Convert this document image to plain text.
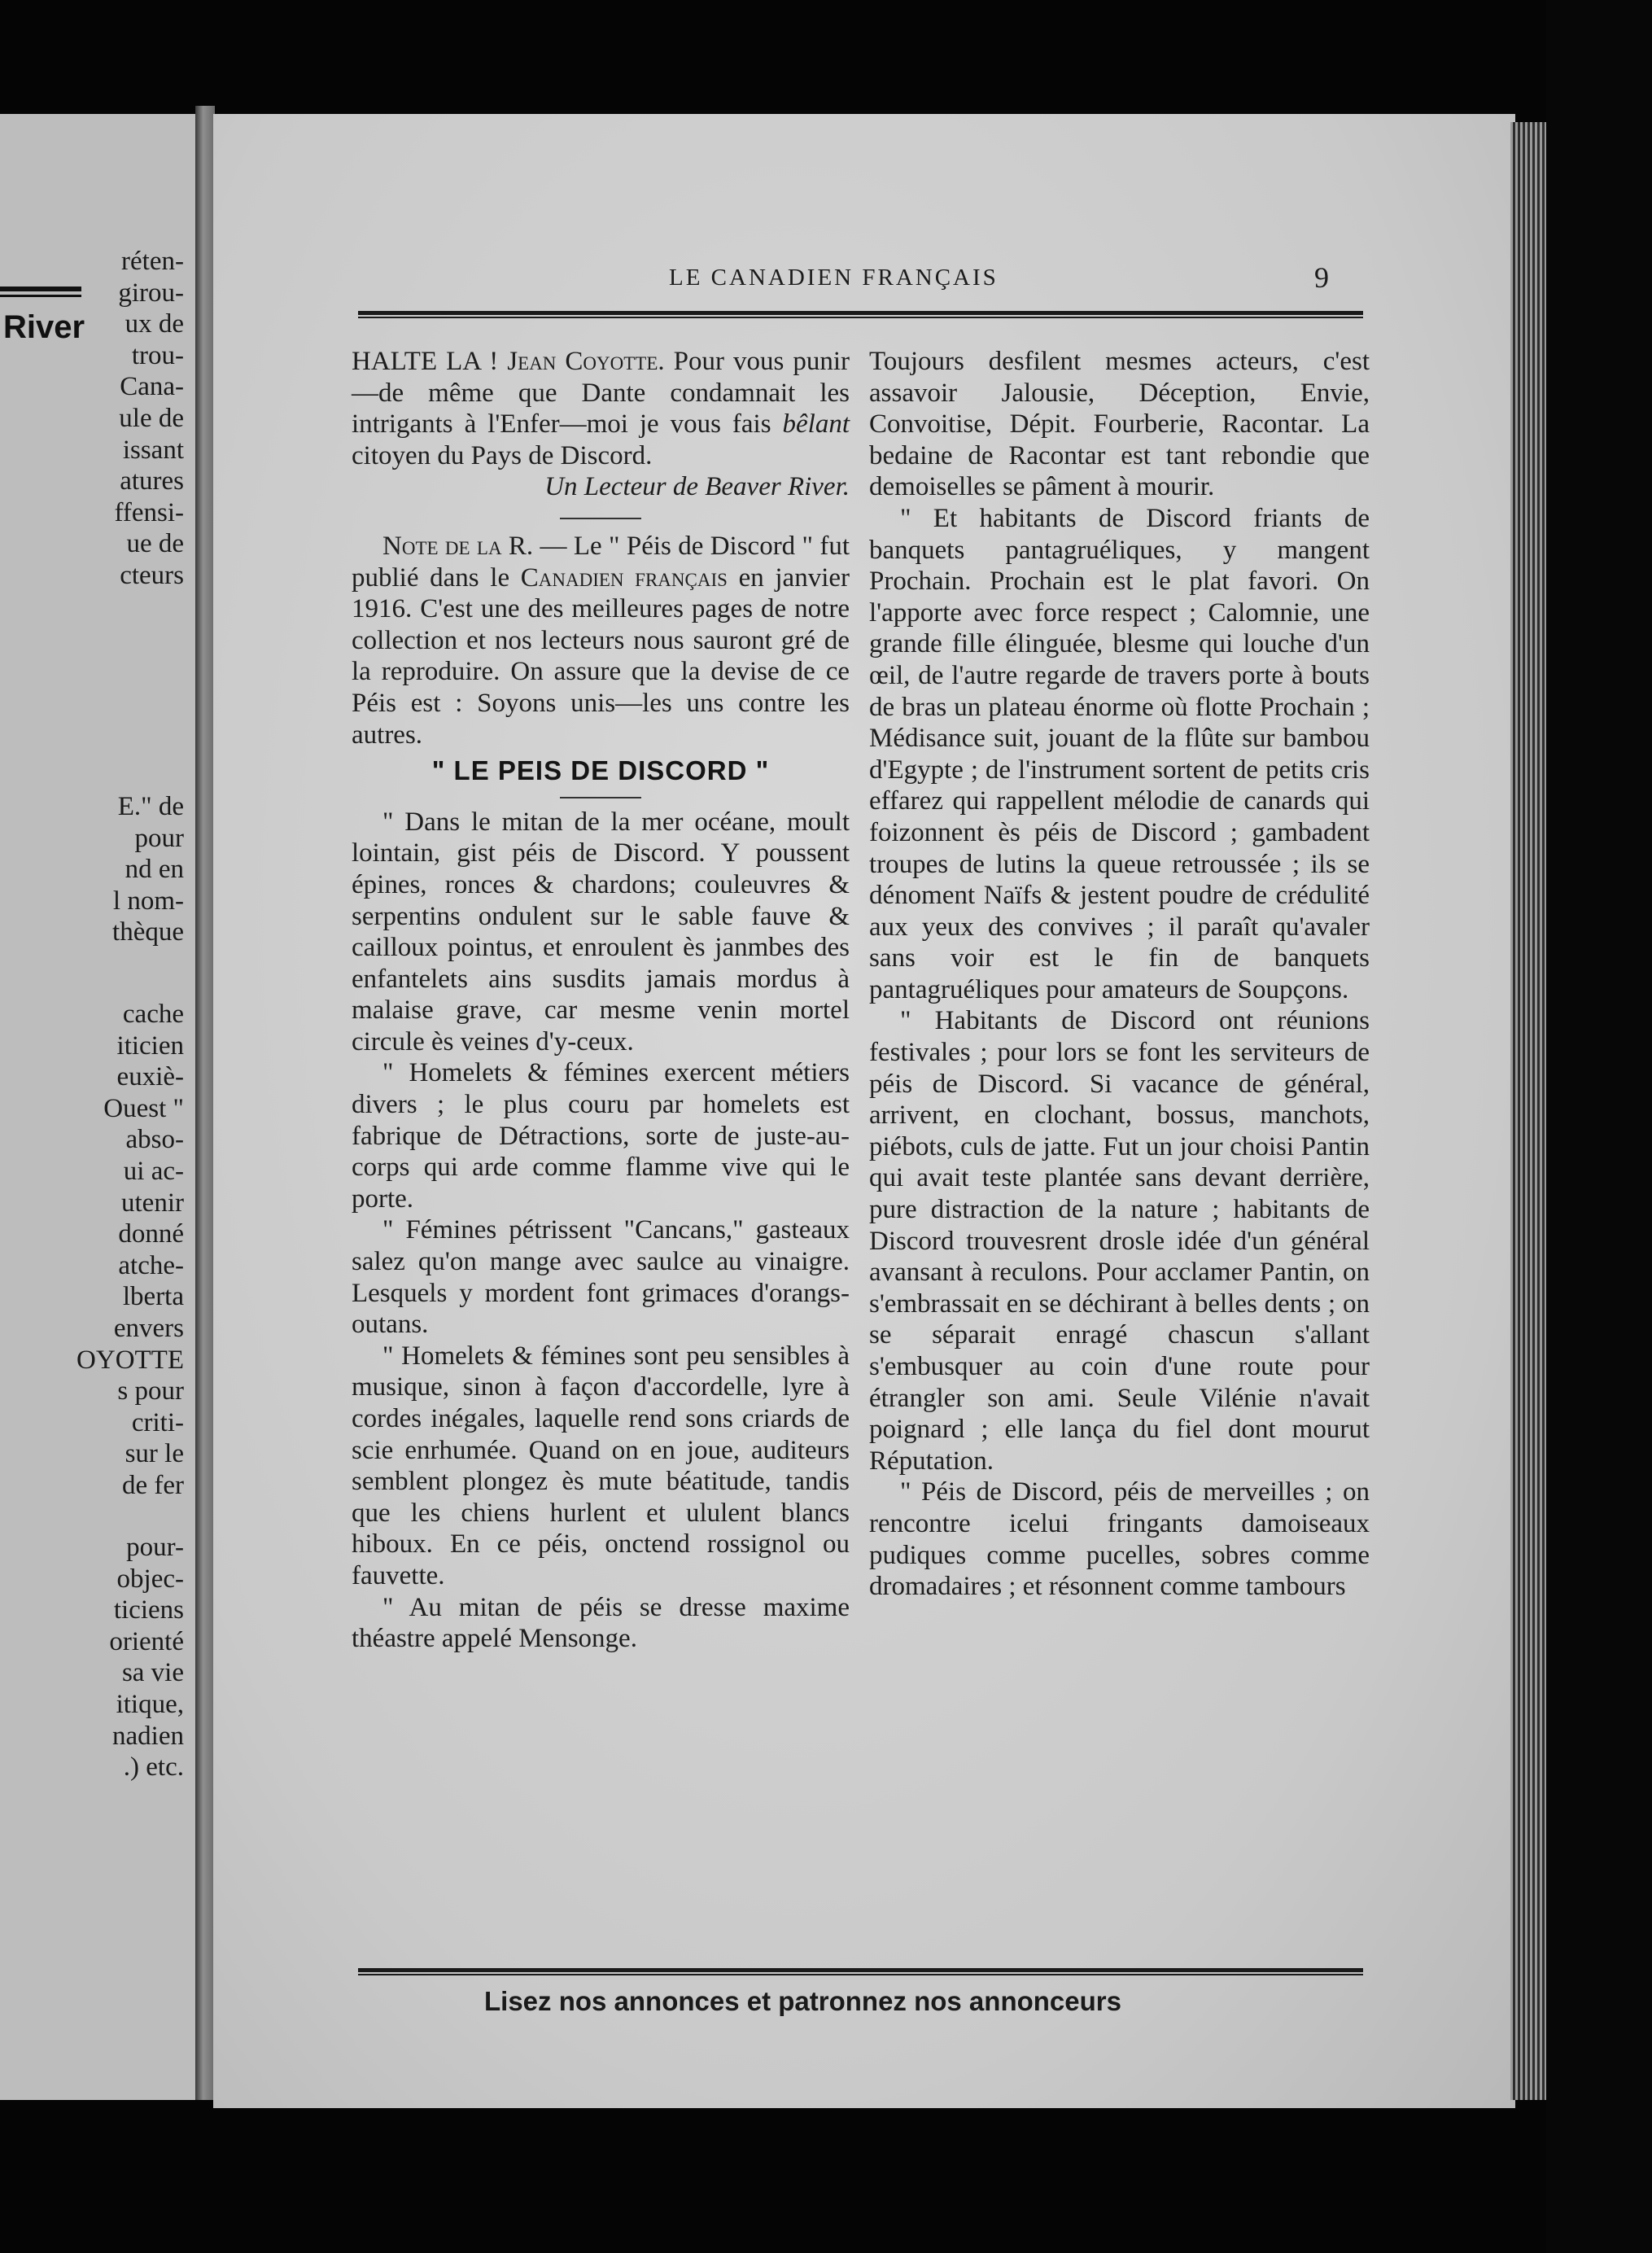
River
réten-
girou-
ux de
trou-
Cana-
ule de
issant
atures
ffensi-
ue de
cteurs
E." de
pour
nd en
l nom-
thèque
cache
iticien
euxiè-
Ouest "
abso-
ui ac-
utenir
donné
atche-
lberta
envers
OYOTTE
s pour
criti-
sur le
de fer
pour-
objec-
ticiens
orienté
sa vie
itique,
nadien
.) etc.
LE CANADIEN FRANÇAIS	9

HALTE LA ! Jean Coyotte. Pour vous punir—de même que Dante condamnait les intrigants à l'Enfer—moi je vous fais bêlant citoyen du Pays de Discord.

Un Lecteur de Beaver River.

Note de la R. — Le " Péis de Discord " fut publié dans le Canadien français en janvier 1916. C'est une des meilleures pages de notre collection et nos lecteurs nous sauront gré de la reproduire. On assure que la devise de ce Péis est : Soyons unis—les uns contre les autres.

" LE PEIS DE DISCORD "

" Dans le mitan de la mer océane, moult lointain, gist péis de Discord. Y poussent épines, ronces & chardons; couleuvres & serpentins ondulent sur le sable fauve & cailloux pointus, et enroulent ès janmbes des enfantelets ains susdits jamais mordus à malaise grave, car mesme venin mortel circule ès veines d'y-ceux.

" Homelets & fémines exercent métiers divers ; le plus couru par homelets est fabrique de Détractions, sorte de juste-au-corps qui arde comme flamme vive qui le porte.

" Fémines pétrissent "Cancans," gasteaux salez qu'on mange avec saulce au vinaigre. Lesquels y mordent font grimaces d'orangs-outans.

" Homelets & fémines sont peu sensibles à musique, sinon à façon d'accordelle, lyre à cordes inégales, laquelle rend sons criards de scie enrhumée. Quand on en joue, auditeurs semblent plongez ès mute béatitude, tandis que les chiens hurlent et ululent blancs hiboux. En ce péis, onctend rossignol ou fauvette.

" Au mitan de péis se dresse maxime théastre appelé Mensonge.

Toujours desfilent mesmes acteurs, c'est assavoir Jalousie, Déception, Envie, Convoitise, Dépit. Fourberie, Racontar. La bedaine de Racontar est tant rebondie que demoiselles se pâment à mourir.

" Et habitants de Discord friants de banquets pantagruéliques, y mangent Prochain. Prochain est le plat favori. On l'apporte avec force respect ; Calomnie, une grande fille élinguée, blesme qui louche d'un œil, de l'autre regarde de travers porte à bouts de bras un plateau énorme où flotte Prochain ; Médisance suit, jouant de la flûte sur bambou d'Egypte ; de l'instrument sortent de petits cris effarez qui rappellent mélodie de canards qui foizonnent ès péis de Discord ; gambadent troupes de lutins la queue retroussée ; ils se dénoment Naïfs & jestent poudre de crédulité aux yeux des convives ; il paraît qu'avaler sans voir est le fin de banquets pantagruéliques pour amateurs de Soupçons.

" Habitants de Discord ont réunions festivales ; pour lors se font les serviteurs de péis de Discord. Si vacance de général, arrivent, en clochant, bossus, manchots, piébots, culs de jatte. Fut un jour choisi Pantin qui avait teste plantée sans devant derrière, pure distraction de la nature ; habitants de Discord trouvesrent drosle idée d'un général avansant à reculons. Pour acclamer Pantin, on s'embrassait en se déchirant à belles dents ; on se séparait enragé chascun s'allant s'embusquer au coin d'une route pour étrangler son ami. Seule Vilénie n'avait poignard ; elle lança du fiel dont mourut Réputation.

" Péis de Discord, péis de merveilles ; on rencontre icelui fringants damoiseaux pudiques comme pucelles, sobres comme dromadaires ; et résonnent comme tambours

Lisez nos annonces et patronnez nos annonceurs
